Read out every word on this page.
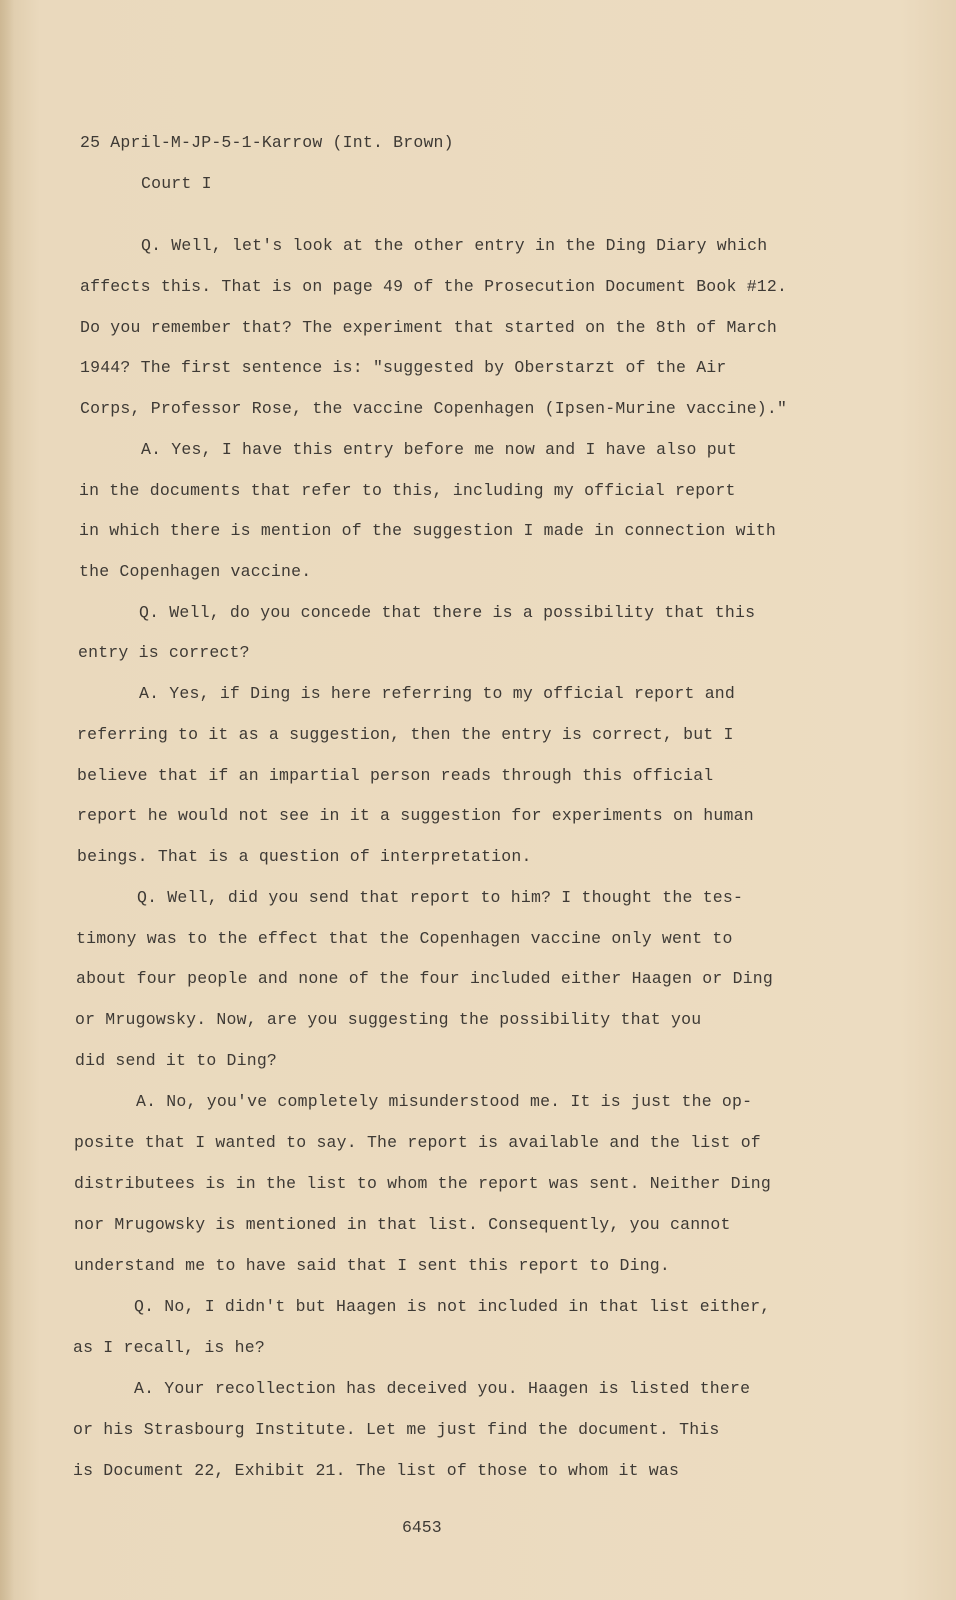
25 April-M-JP-5-1-Karrow (Int. Brown)
Court I
Q. Well, let's look at the other entry in the Ding Diary which
affects this. That is on page 49 of the Prosecution Document Book #12.
Do you remember that? The experiment that started on the 8th of March
1944? The first sentence is: "suggested by Oberstarzt of the Air
Corps, Professor Rose, the vaccine Copenhagen (Ipsen-Murine vaccine)."
A. Yes, I have this entry before me now and I have also put
in the documents that refer to this, including my official report
in which there is mention of the suggestion I made in connection with
the Copenhagen vaccine.
Q. Well, do you concede that there is a possibility that this
entry is correct?
A. Yes, if Ding is here referring to my official report and
referring to it as a suggestion, then the entry is correct, but I
believe that if an impartial person reads through this official
report he would not see in it a suggestion for experiments on human
beings. That is a question of interpretation.
Q. Well, did you send that report to him? I thought the tes-
timony was to the effect that the Copenhagen vaccine only went to
about four people and none of the four included either Haagen or Ding
or Mrugowsky. Now, are you suggesting the possibility that you
did send it to Ding?
A. No, you've completely misunderstood me. It is just the op-
posite that I wanted to say. The report is available and the list of
distributees is in the list to whom the report was sent. Neither Ding
nor Mrugowsky is mentioned in that list. Consequently, you cannot
understand me to have said that I sent this report to Ding.
Q. No, I didn't but Haagen is not included in that list either,
as I recall, is he?
A. Your recollection has deceived you. Haagen is listed there
or his Strasbourg Institute. Let me just find the document. This
is Document 22, Exhibit 21. The list of those to whom it was
6453
